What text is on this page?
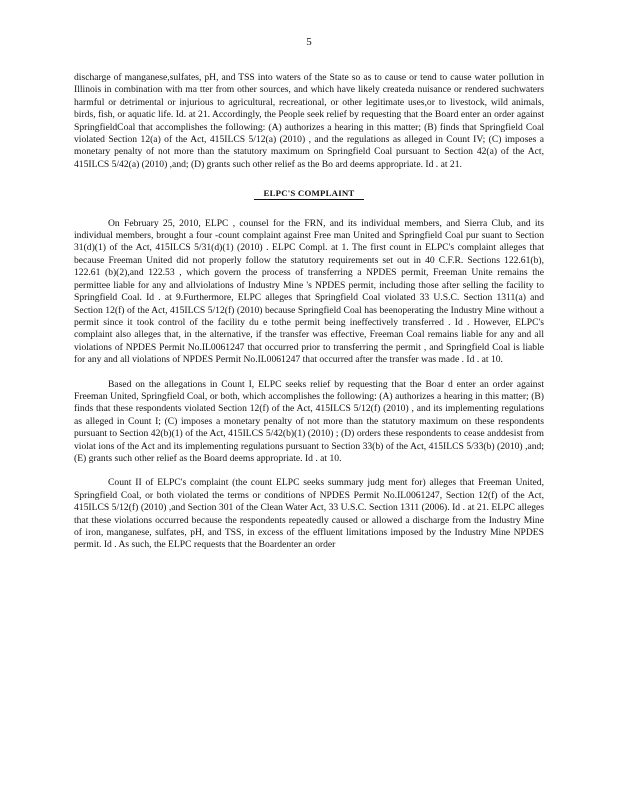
5

discharge of manganese,sulfates, pH, and TSS into waters of the State so as to cause or tend to cause water pollution in Illinois in combination with ma tter from other sources, and which have likely createda nuisance or rendered suchwaters harmful or detrimental or injurious to agricultural, recreational, or other legitimate uses,or to livestock, wild animals, birds, fish, or aquatic life. Id. at 21. Accordingly, the People seek relief by requesting that the Board enter an order against SpringfieldCoal that accomplishes the following: (A) authorizes a hearing in this matter; (B) finds that Springfield Coal violated Section 12(a) of the Act, 415ILCS 5/12(a) (2010) , and the regulations as alleged in Count IV; (C) imposes a monetary penalty of not more than the statutory maximum on Springfield Coal pursuant to Section 42(a) of the Act, 415ILCS 5/42(a) (2010) ,and; (D) grants such other relief as the Bo ard deems appropriate. Id . at 21.

ELPC'S COMPLAINT

On February 25, 2010, ELPC , counsel for the FRN, and its individual members, and Sierra Club, and its individual members, brought a four -count complaint against Free man United and Springfield Coal pur suant to Section 31(d)(1) of the Act, 415ILCS 5/31(d)(1) (2010) . ELPC Compl. at 1. The first count in ELPC's complaint alleges that because Freeman United did not properly follow the statutory requirements set out in 40 C.F.R. Sections 122.61(b), 122.61 (b)(2),and 122.53 , which govern the process of transferring a NPDES permit, Freeman Unite remains the permittee liable for any and allviolations of Industry Mine 's NPDES permit, including those after selling the facility to Springfield Coal. Id . at 9.Furthermore, ELPC alleges that Springfield Coal violated 33 U.S.C. Section 1311(a) and Section 12(f) of the Act, 415ILCS 5/12(f) (2010) because Springfield Coal has beenoperating the Industry Mine without a permit since it took control of the facility du e tothe permit being ineffectively transferred . Id . However, ELPC's complaint also alleges that, in the alternative, if the transfer was effective, Freeman Coal remains liable for any and all violations of NPDES Permit No.IL0061247 that occurred prior to transferring the permit , and Springfield Coal is liable for any and all violations of NPDES Permit No.IL0061247 that occurred after the transfer was made . Id . at 10.

Based on the allegations in Count I, ELPC seeks relief by requesting that the Boar d enter an order against Freeman United, Springfield Coal, or both, which accomplishes the following: (A) authorizes a hearing in this matter; (B) finds that these respondents violated Section 12(f) of the Act, 415ILCS 5/12(f) (2010) , and its implementing regulations as alleged in Count I; (C) imposes a monetary penalty of not more than the statutory maximum on these respondents pursuant to Section 42(b)(1) of the Act, 415ILCS 5/42(b)(1) (2010) ; (D) orders these respondents to cease anddesist from violat ions of the Act and its implementing regulations pursuant to Section 33(b) of the Act, 415ILCS 5/33(b) (2010) ,and; (E) grants such other relief as the Board deems appropriate. Id . at 10.

Count II of ELPC's complaint (the count ELPC seeks summary judg ment for) alleges that Freeman United, Springfield Coal, or both violated the terms or conditions of NPDES Permit No.IL0061247, Section 12(f) of the Act, 415ILCS 5/12(f) (2010) ,and Section 301 of the Clean Water Act, 33 U.S.C. Section 1311 (2006). Id . at 21. ELPC alleges that these violations occurred because the respondents repeatedly caused or allowed a discharge from the Industry Mine of iron, manganese, sulfates, pH, and TSS, in excess of the effluent limitations imposed by the Industry Mine NPDES permit. Id . As such, the ELPC requests that the Boardenter an order
